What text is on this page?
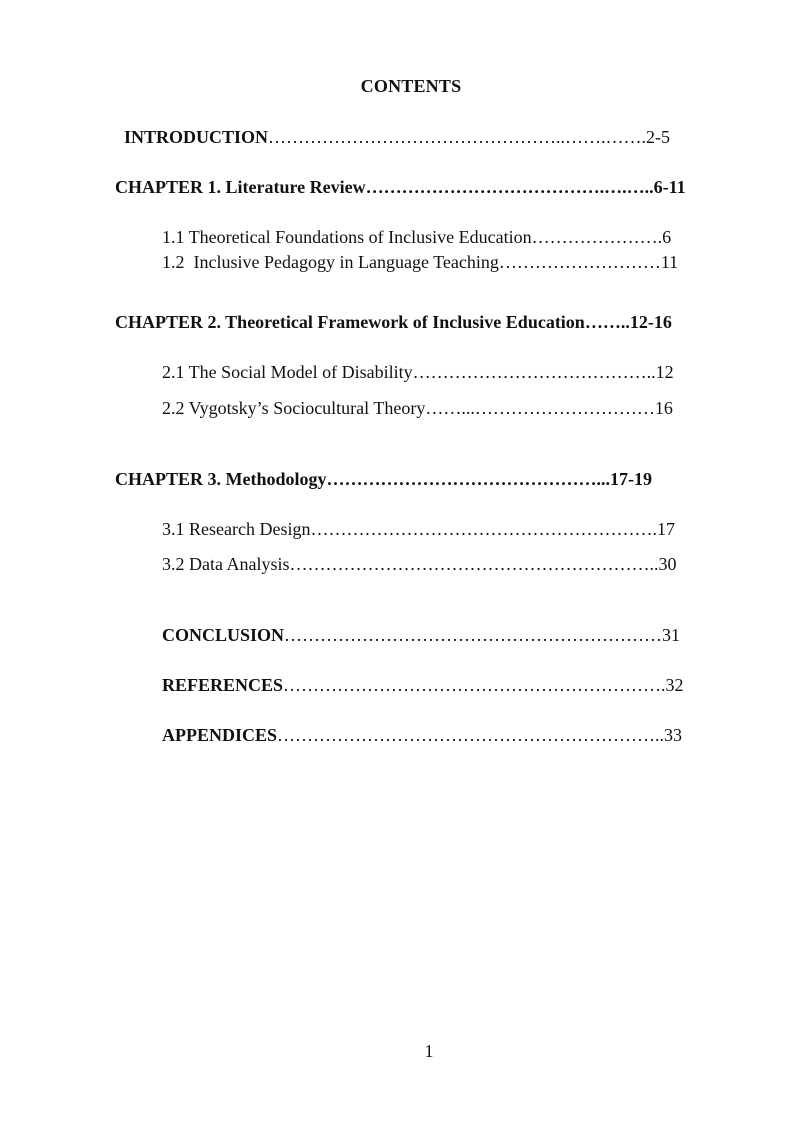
CONTENTS
INTRODUCTION…………………………………………..…….…….2-5
CHAPTER 1. Literature Review………………………………….….…..6-11
1.1 Theoretical Foundations of Inclusive Education………………….6
1.2  Inclusive Pedagogy in Language Teaching………………………11
CHAPTER 2. Theoretical Framework of Inclusive Education……..12-16
2.1 The Social Model of Disability…………………………………..12
2.2 Vygotsky’s Sociocultural Theory……...…………………………16
CHAPTER 3. Methodology………………………………………...17-19
3.1 Research Design………………………………………………….17
3.2 Data Analysis……………………………………………………..30
CONCLUSION………………………………………………………31
REFERENCES……………………………………………………….32
APPENDICES………………………………………………………..33
1
